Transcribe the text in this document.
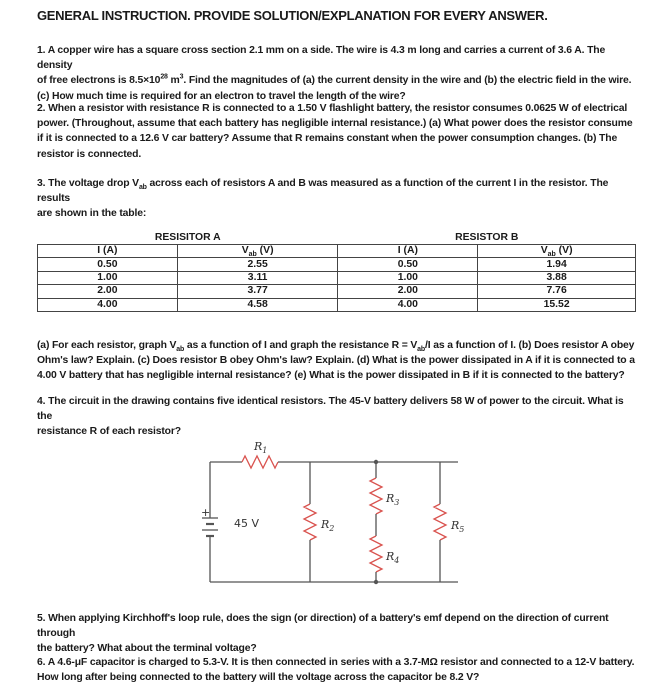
GENERAL INSTRUCTION. PROVIDE SOLUTION/EXPLANATION FOR EVERY ANSWER.
1. A copper wire has a square cross section 2.1 mm on a side. The wire is 4.3 m long and carries a current of 3.6 A. The density
of free electrons is $8.5\times 10^{28}$ $m^3$. Find the magnitudes of (a) the current density in the wire and (b) the electric field in the wire.
(c) How much time is required for an electron to travel the length of the wire?
2. When a resistor with resistance R is connected to a 1.50 V flashlight battery, the resistor consumes 0.0625 W of electrical
power. (Throughout, assume that each battery has negligible internal resistance.) (a) What power does the resistor consume
if it is connected to a 12.6 V car battery? Assume that R remains constant when the power consumption changes. (b) The
resistor is connected.
3. The voltage drop $V_{ab}$ across each of resistors A and B was measured as a function of the current I in the resistor. The results
are shown in the table:
RESISITOR A		RESISTOR B	
I (A)	$V_{ab}$ (V)	I (A)	$V_{ab}$ (V)
0.50	2.55	0.50	1.94
1.00	3.11	1.00	3.88
2.00	3.77	2.00	7.76
4.00	4.58	4.00	15.52
(a) For each resistor, graph $V_{ab}$ as a function of I and graph the resistance $R = V_{ab}/I$ as a function of I. (b) Does resistor A obey
Ohm's law? Explain. (c) Does resistor B obey Ohm's law? Explain. (d) What is the power dissipated in A if it is connected to a
4.00 V battery that has negligible internal resistance? (e) What is the power dissipated in B if it is connected to the battery?
4. The circuit in the drawing contains five identical resistors. The 45-V battery delivers 58 W of power to the circuit. What is the
resistance R of each resistor?
$R_1$
$R_2$
$R_3$
$R_4$
$R_5$
45 V
+
5. When applying Kirchhoff's loop rule, does the sign (or direction) of a battery's emf depend on the direction of current through
the battery? What about the terminal voltage?
6. A 4.6-μF capacitor is charged to 5.3-V. It is then connected in series with a 3.7-MΩ resistor and connected to a 12-V battery.
How long after being connected to the battery will the voltage across the capacitor be 8.2 V?
